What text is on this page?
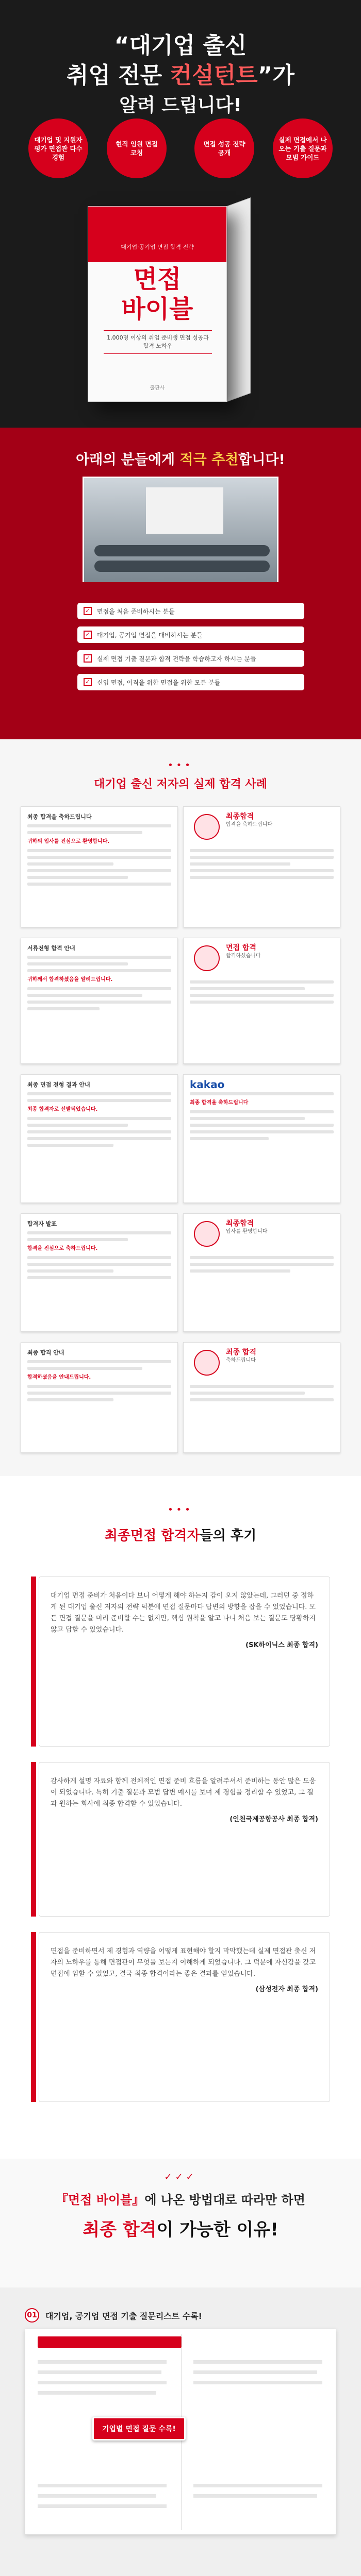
“대기업 출신
취업 전문 컨설턴트”가
알려 드립니다!
대기업 및 지원자 평가 면접관 다수 경험
현직 임원 면접 코칭
면접 성공 전략 공개
실제 면접에서 나오는 기출 질문과 모범 가이드
대기업·공기업 면접 합격 전략
면접
바이블
1,000명 이상의 취업 준비생 면접 성공과 합격 노하우
출판사
아래의 분들에게 적극 추천합니다!
✓ 면접을 처음 준비하시는 분들
✓ 대기업, 공기업 면접을 대비하시는 분들
✓ 실제 면접 기출 질문과 합격 전략을 학습하고자 하시는 분들
✓ 신입 면접, 이직을 위한 면접을 위한 모든 분들
•••
대기업 출신 저자의 실제 합격 사례
최종 합격을 축하드립니다
귀하의 입사를 진심으로 환영합니다.
최종합격
합격을 축하드립니다
서류전형 합격 안내
귀하께서 합격하셨음을 알려드립니다.
면접 합격
합격하셨습니다
최종 면접 전형 결과 안내
최종 합격자로 선발되었습니다.
kakao
최종 합격을 축하드립니다
합격자 발표
합격을 진심으로 축하드립니다.
최종합격
입사를 환영합니다
최종 합격 안내
합격하셨음을 안내드립니다.
최종 합격
축하드립니다
•••
최종면접 합격자들의 후기
대기업 면접 준비가 처음이다 보니 어떻게 해야 하는지 감이 오지 않았는데, 그러던 중 접하게 된 대기업 출신 저자의 전략 덕분에 면접 질문마다 답변의 방향을 잡을 수 있었습니다. 모든 면접 질문을 미리 준비할 수는 없지만, 핵심 원칙을 알고 나니 처음 보는 질문도 당황하지 않고 답할 수 있었습니다.
(SK하이닉스 최종 합격)
감사하게 설명 자료와 함께 전체적인 면접 준비 흐름을 알려주셔서 준비하는 동안 많은 도움이 되었습니다. 특히 기출 질문과 모범 답변 예시를 보며 제 경험을 정리할 수 있었고, 그 결과 원하는 회사에 최종 합격할 수 있었습니다.
(인천국제공항공사 최종 합격)
면접을 준비하면서 제 경험과 역량을 어떻게 표현해야 할지 막막했는데 실제 면접관 출신 저자의 노하우를 통해 면접관이 무엇을 보는지 이해하게 되었습니다. 그 덕분에 자신감을 갖고 면접에 임할 수 있었고, 결국 최종 합격이라는 좋은 결과를 얻었습니다.
(삼성전자 최종 합격)
✓✓✓
『면접 바이블』에 나온 방법대로 따라만 하면
최종 합격이 가능한 이유!
01 대기업, 공기업 면접 기출 질문리스트 수록!
기업별 면접 질문 수록!
